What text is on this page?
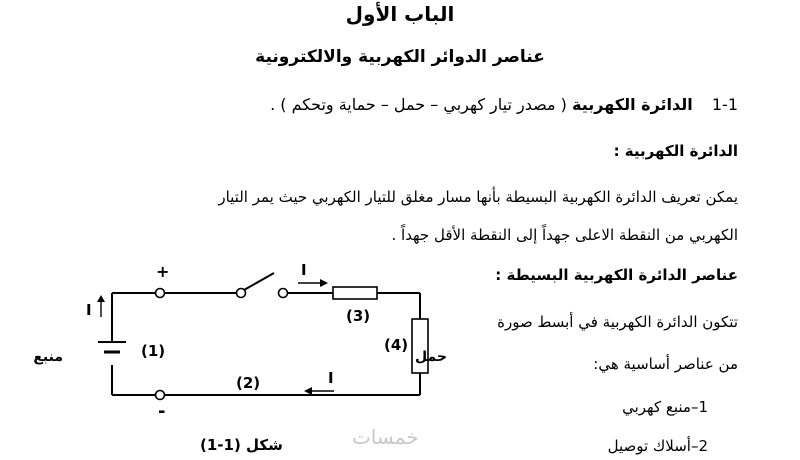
الباب الأول
عناصر الدوائر الكهربية والالكترونية
1-1 الدائرة الكهربية ( مصدر تيار كهربي – حمل – حماية وتحكم ) .
الدائرة الكهربية :
يمكن تعريف الدائرة الكهربية البسيطة بأنها مسار مغلق للتيار الكهربي حيث يمر التيار
الكهربي من النقطة الاعلى جهداً إلى النقطة الأقل جهداً .
عناصر الدائرة الكهربية البسيطة :
تتكون الدائرة الكهربية في أبسط صورة
من عناصر أساسية هي:
1–منبع كهربي
2–أسلاك توصيل
+
-
I
I
I
(1)
(2)
(3)
(4)
منبع	حمل
شكل (1-1)	خمسات
